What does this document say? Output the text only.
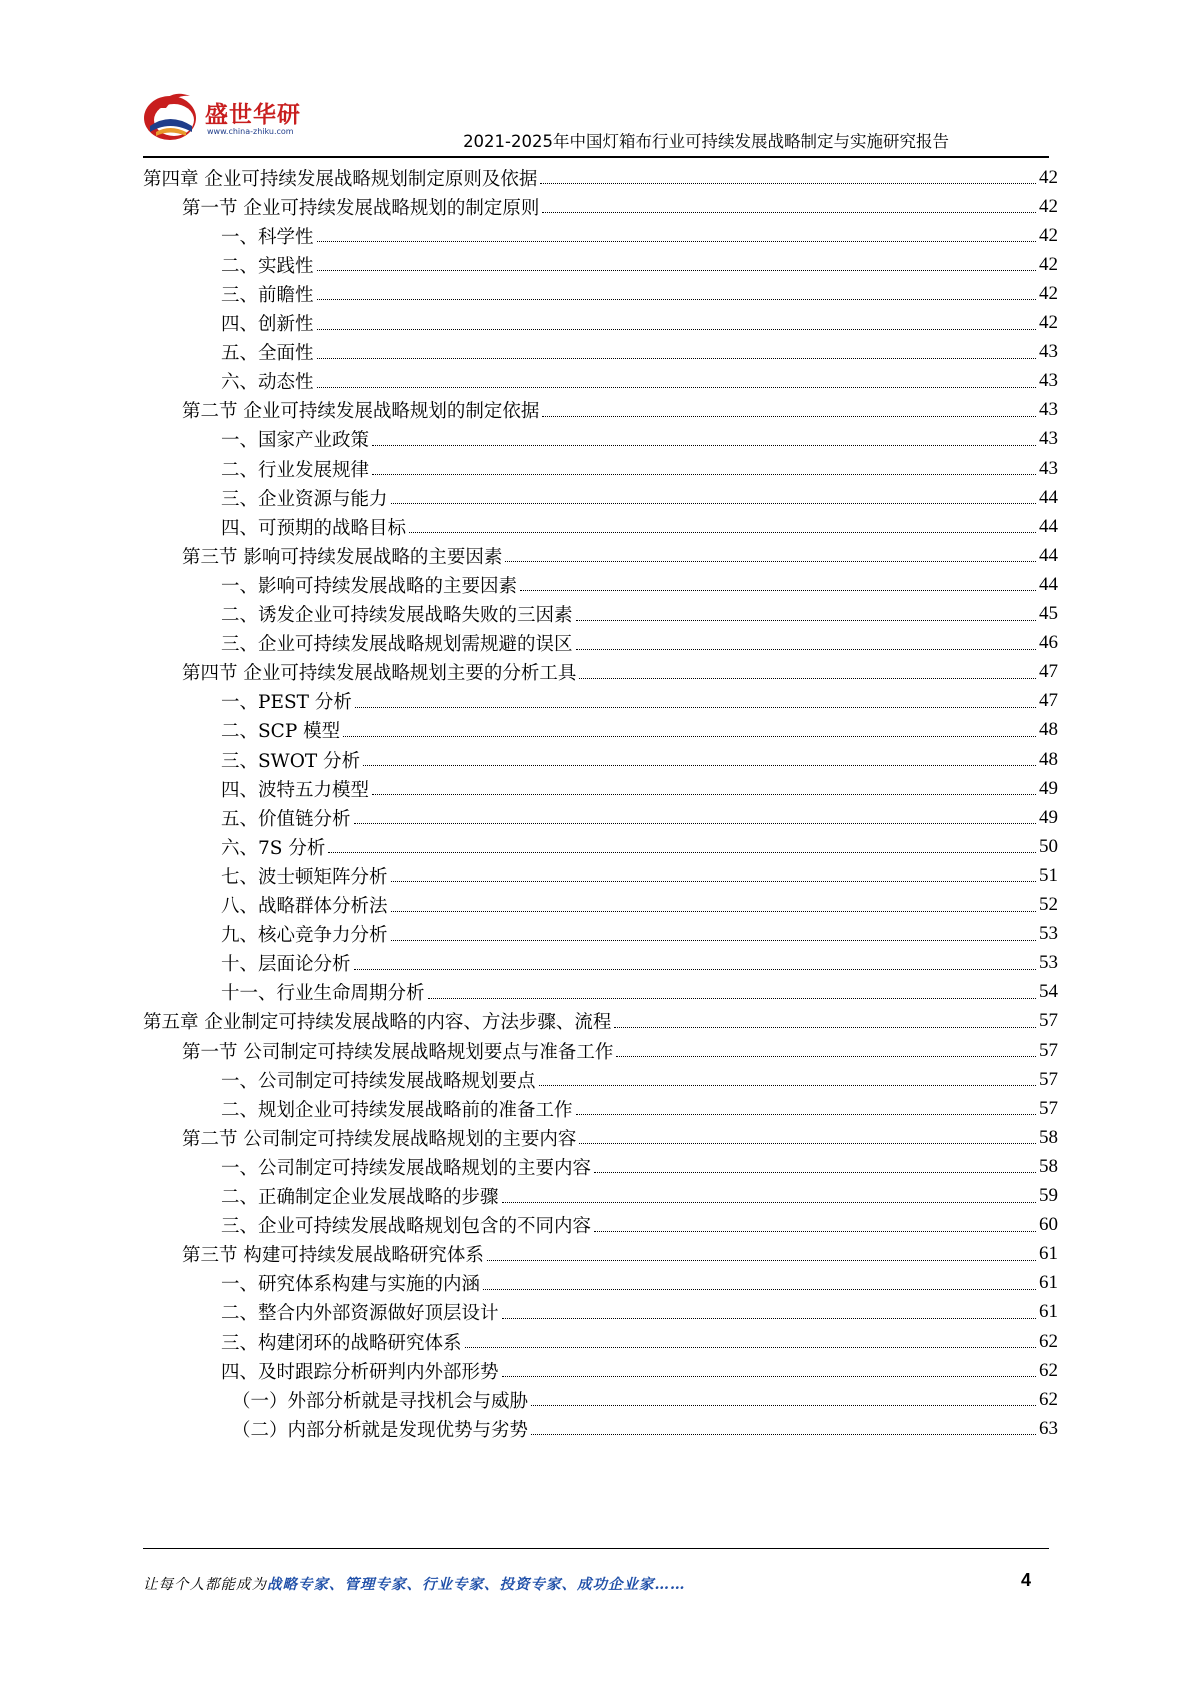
盛世华研
www.china-zhiku.com
2021-2025年中国灯箱布行业可持续发展战略制定与实施研究报告
第四章 企业可持续发展战略规划制定原则及依据	42
第一节 企业可持续发展战略规划的制定原则	42
一、科学性	42
二、实践性	42
三、前瞻性	42
四、创新性	42
五、全面性	43
六、动态性	43
第二节 企业可持续发展战略规划的制定依据	43
一、国家产业政策	43
二、行业发展规律	43
三、企业资源与能力	44
四、可预期的战略目标	44
第三节 影响可持续发展战略的主要因素	44
一、影响可持续发展战略的主要因素	44
二、诱发企业可持续发展战略失败的三因素	45
三、企业可持续发展战略规划需规避的误区	46
第四节 企业可持续发展战略规划主要的分析工具	47
一、PEST 分析	47
二、SCP 模型	48
三、SWOT 分析	48
四、波特五力模型	49
五、价值链分析	49
六、7S 分析	50
七、波士顿矩阵分析	51
八、战略群体分析法	52
九、核心竞争力分析	53
十、层面论分析	53
十一、行业生命周期分析	54
第五章 企业制定可持续发展战略的内容、方法步骤、流程	57
第一节 公司制定可持续发展战略规划要点与准备工作	57
一、公司制定可持续发展战略规划要点	57
二、规划企业可持续发展战略前的准备工作	57
第二节 公司制定可持续发展战略规划的主要内容	58
一、公司制定可持续发展战略规划的主要内容	58
二、正确制定企业发展战略的步骤	59
三、企业可持续发展战略规划包含的不同内容	60
第三节 构建可持续发展战略研究体系	61
一、研究体系构建与实施的内涵	61
二、整合内外部资源做好顶层设计	61
三、构建闭环的战略研究体系	62
四、及时跟踪分析研判内外部形势	62
（一）外部分析就是寻找机会与威胁	62
（二）内部分析就是发现优势与劣势	63
让每个人都能成为战略专家、管理专家、行业专家、投资专家、成功企业家……	4
